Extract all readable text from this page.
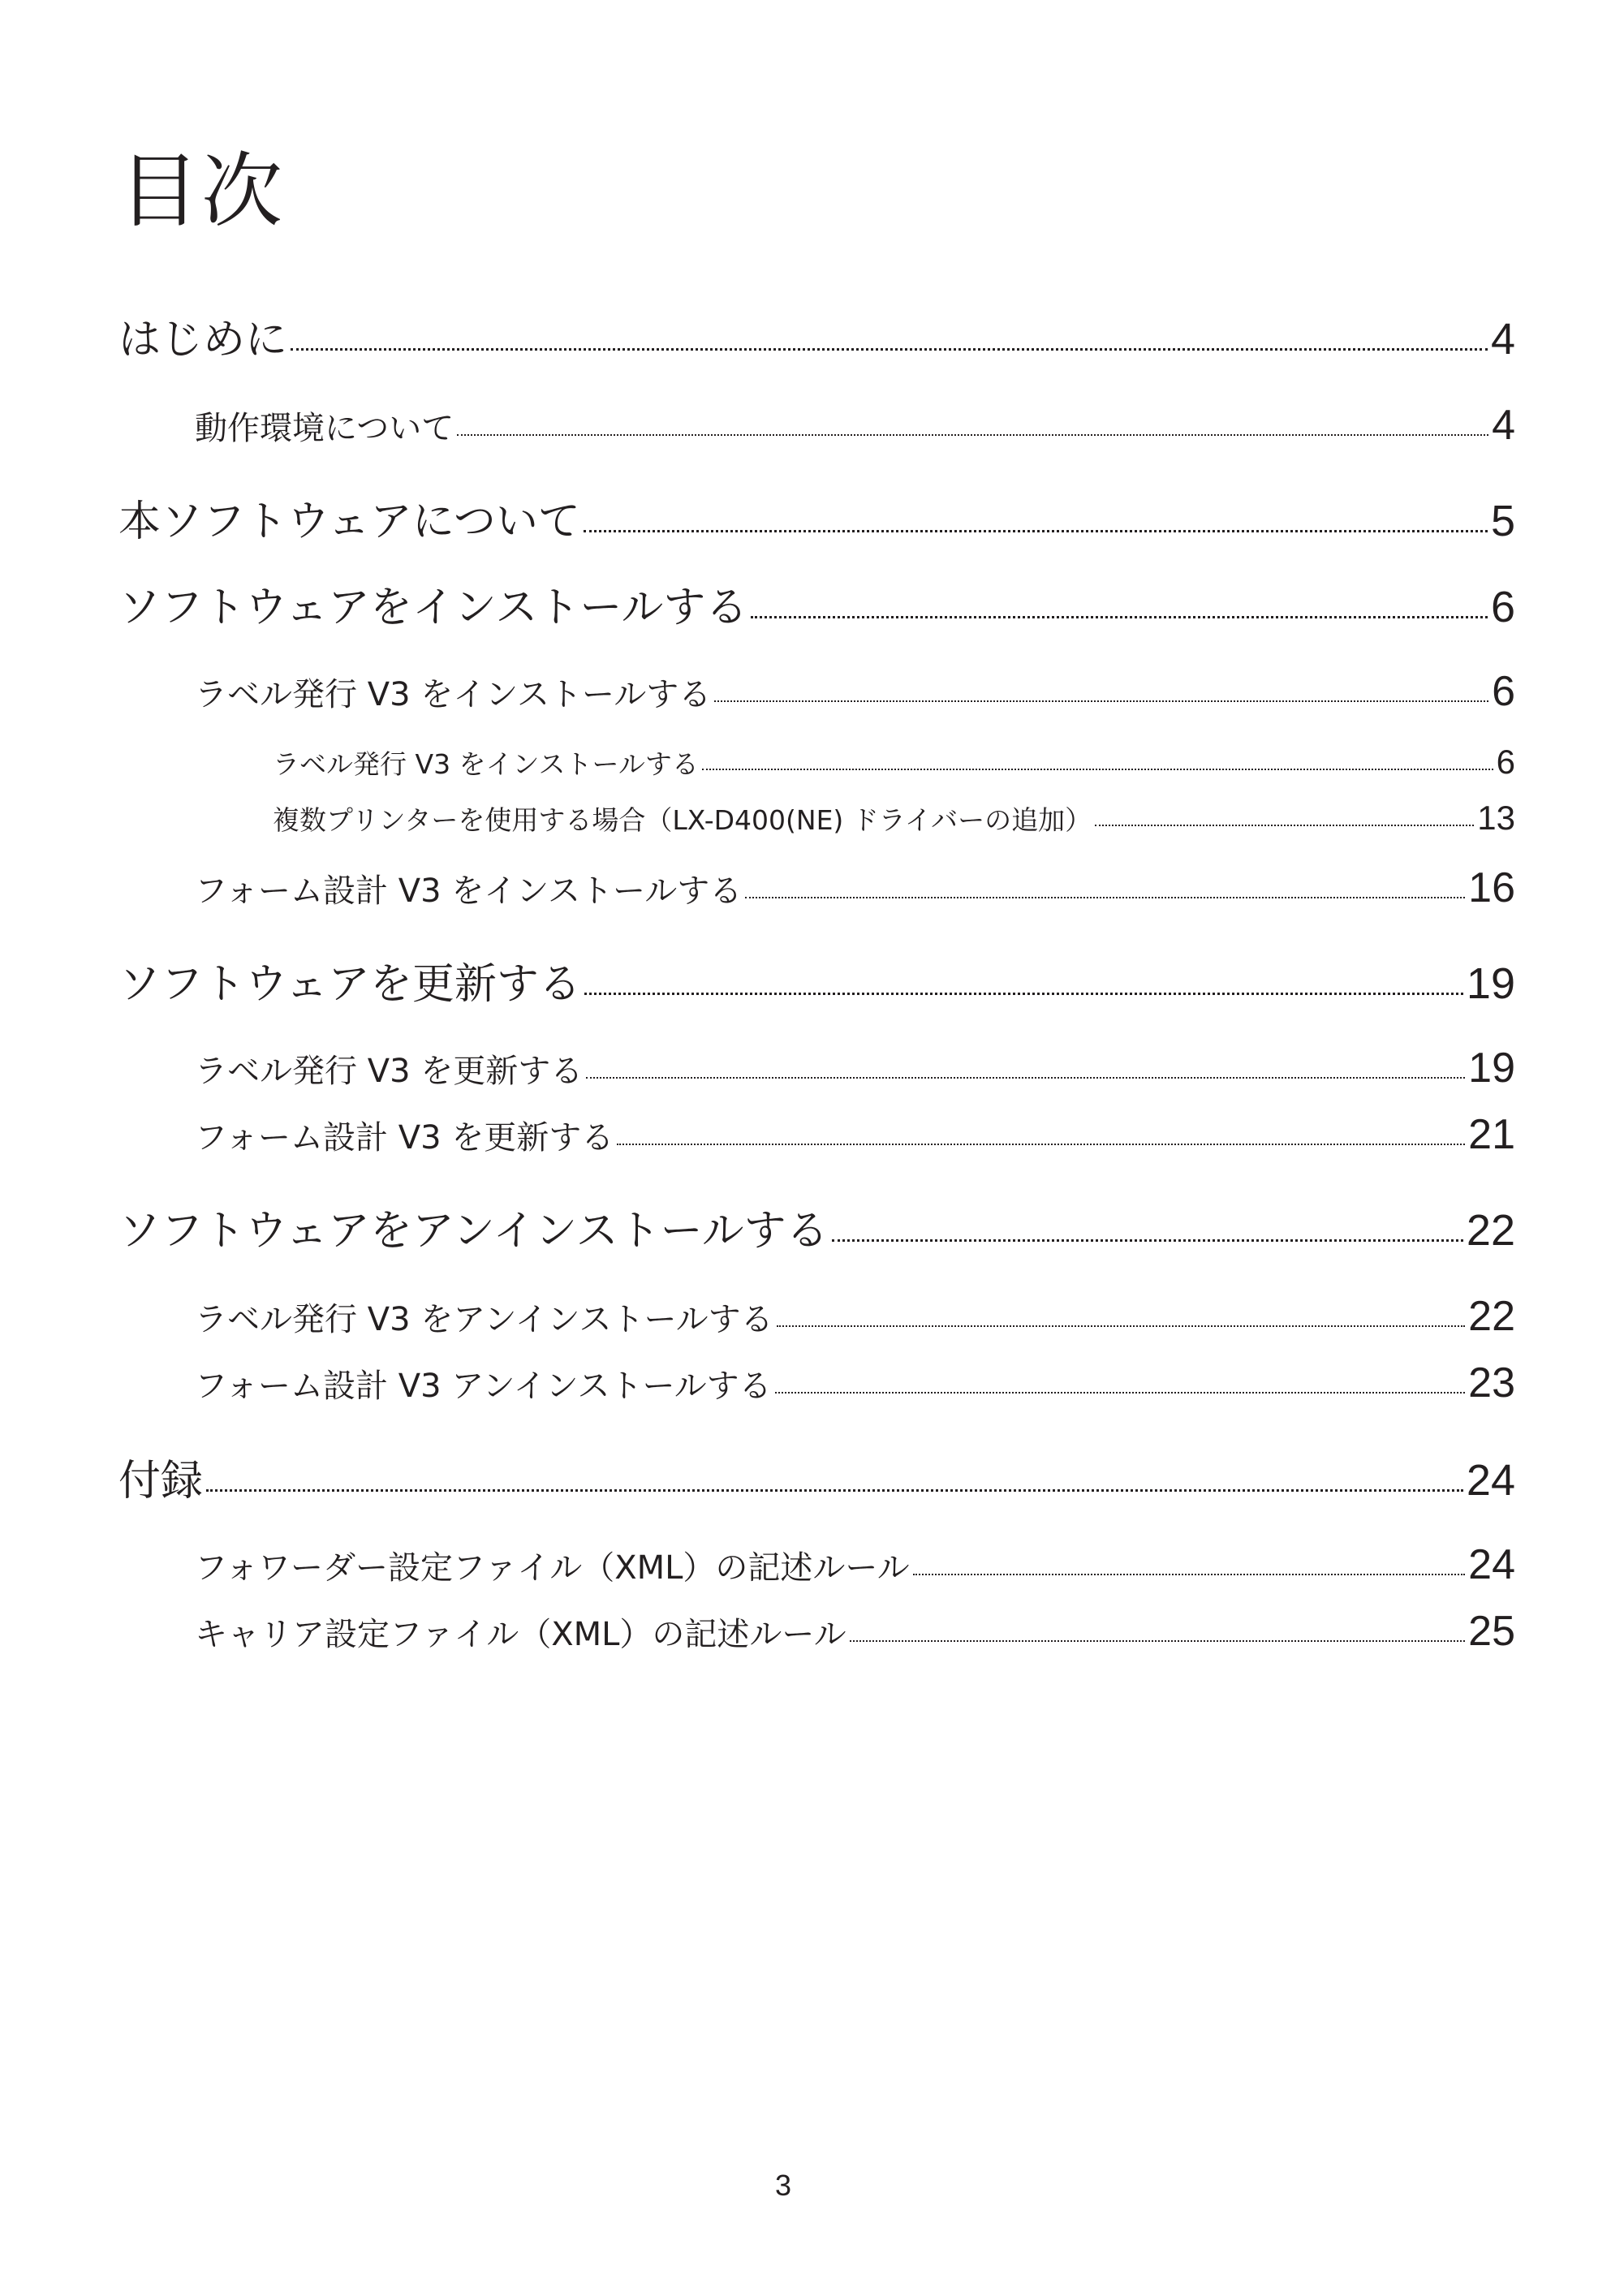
目次
はじめに	4
動作環境について	4
本ソフトウェアについて	5
ソフトウェアをインストールする	6
ラベル発行 V3 をインストールする	6
ラベル発行 V3 をインストールする	6
複数プリンターを使用する場合（LX-D400(NE) ドライバーの追加）	13
フォーム設計 V3 をインストールする	16
ソフトウェアを更新する	19
ラベル発行 V3 を更新する	19
フォーム設計 V3 を更新する	21
ソフトウェアをアンインストールする	22
ラベル発行 V3 をアンインストールする	22
フォーム設計 V3 アンインストールする	23
付録	24
フォワーダー設定ファイル（XML）の記述ルール	24
キャリア設定ファイル（XML）の記述ルール	25
3
